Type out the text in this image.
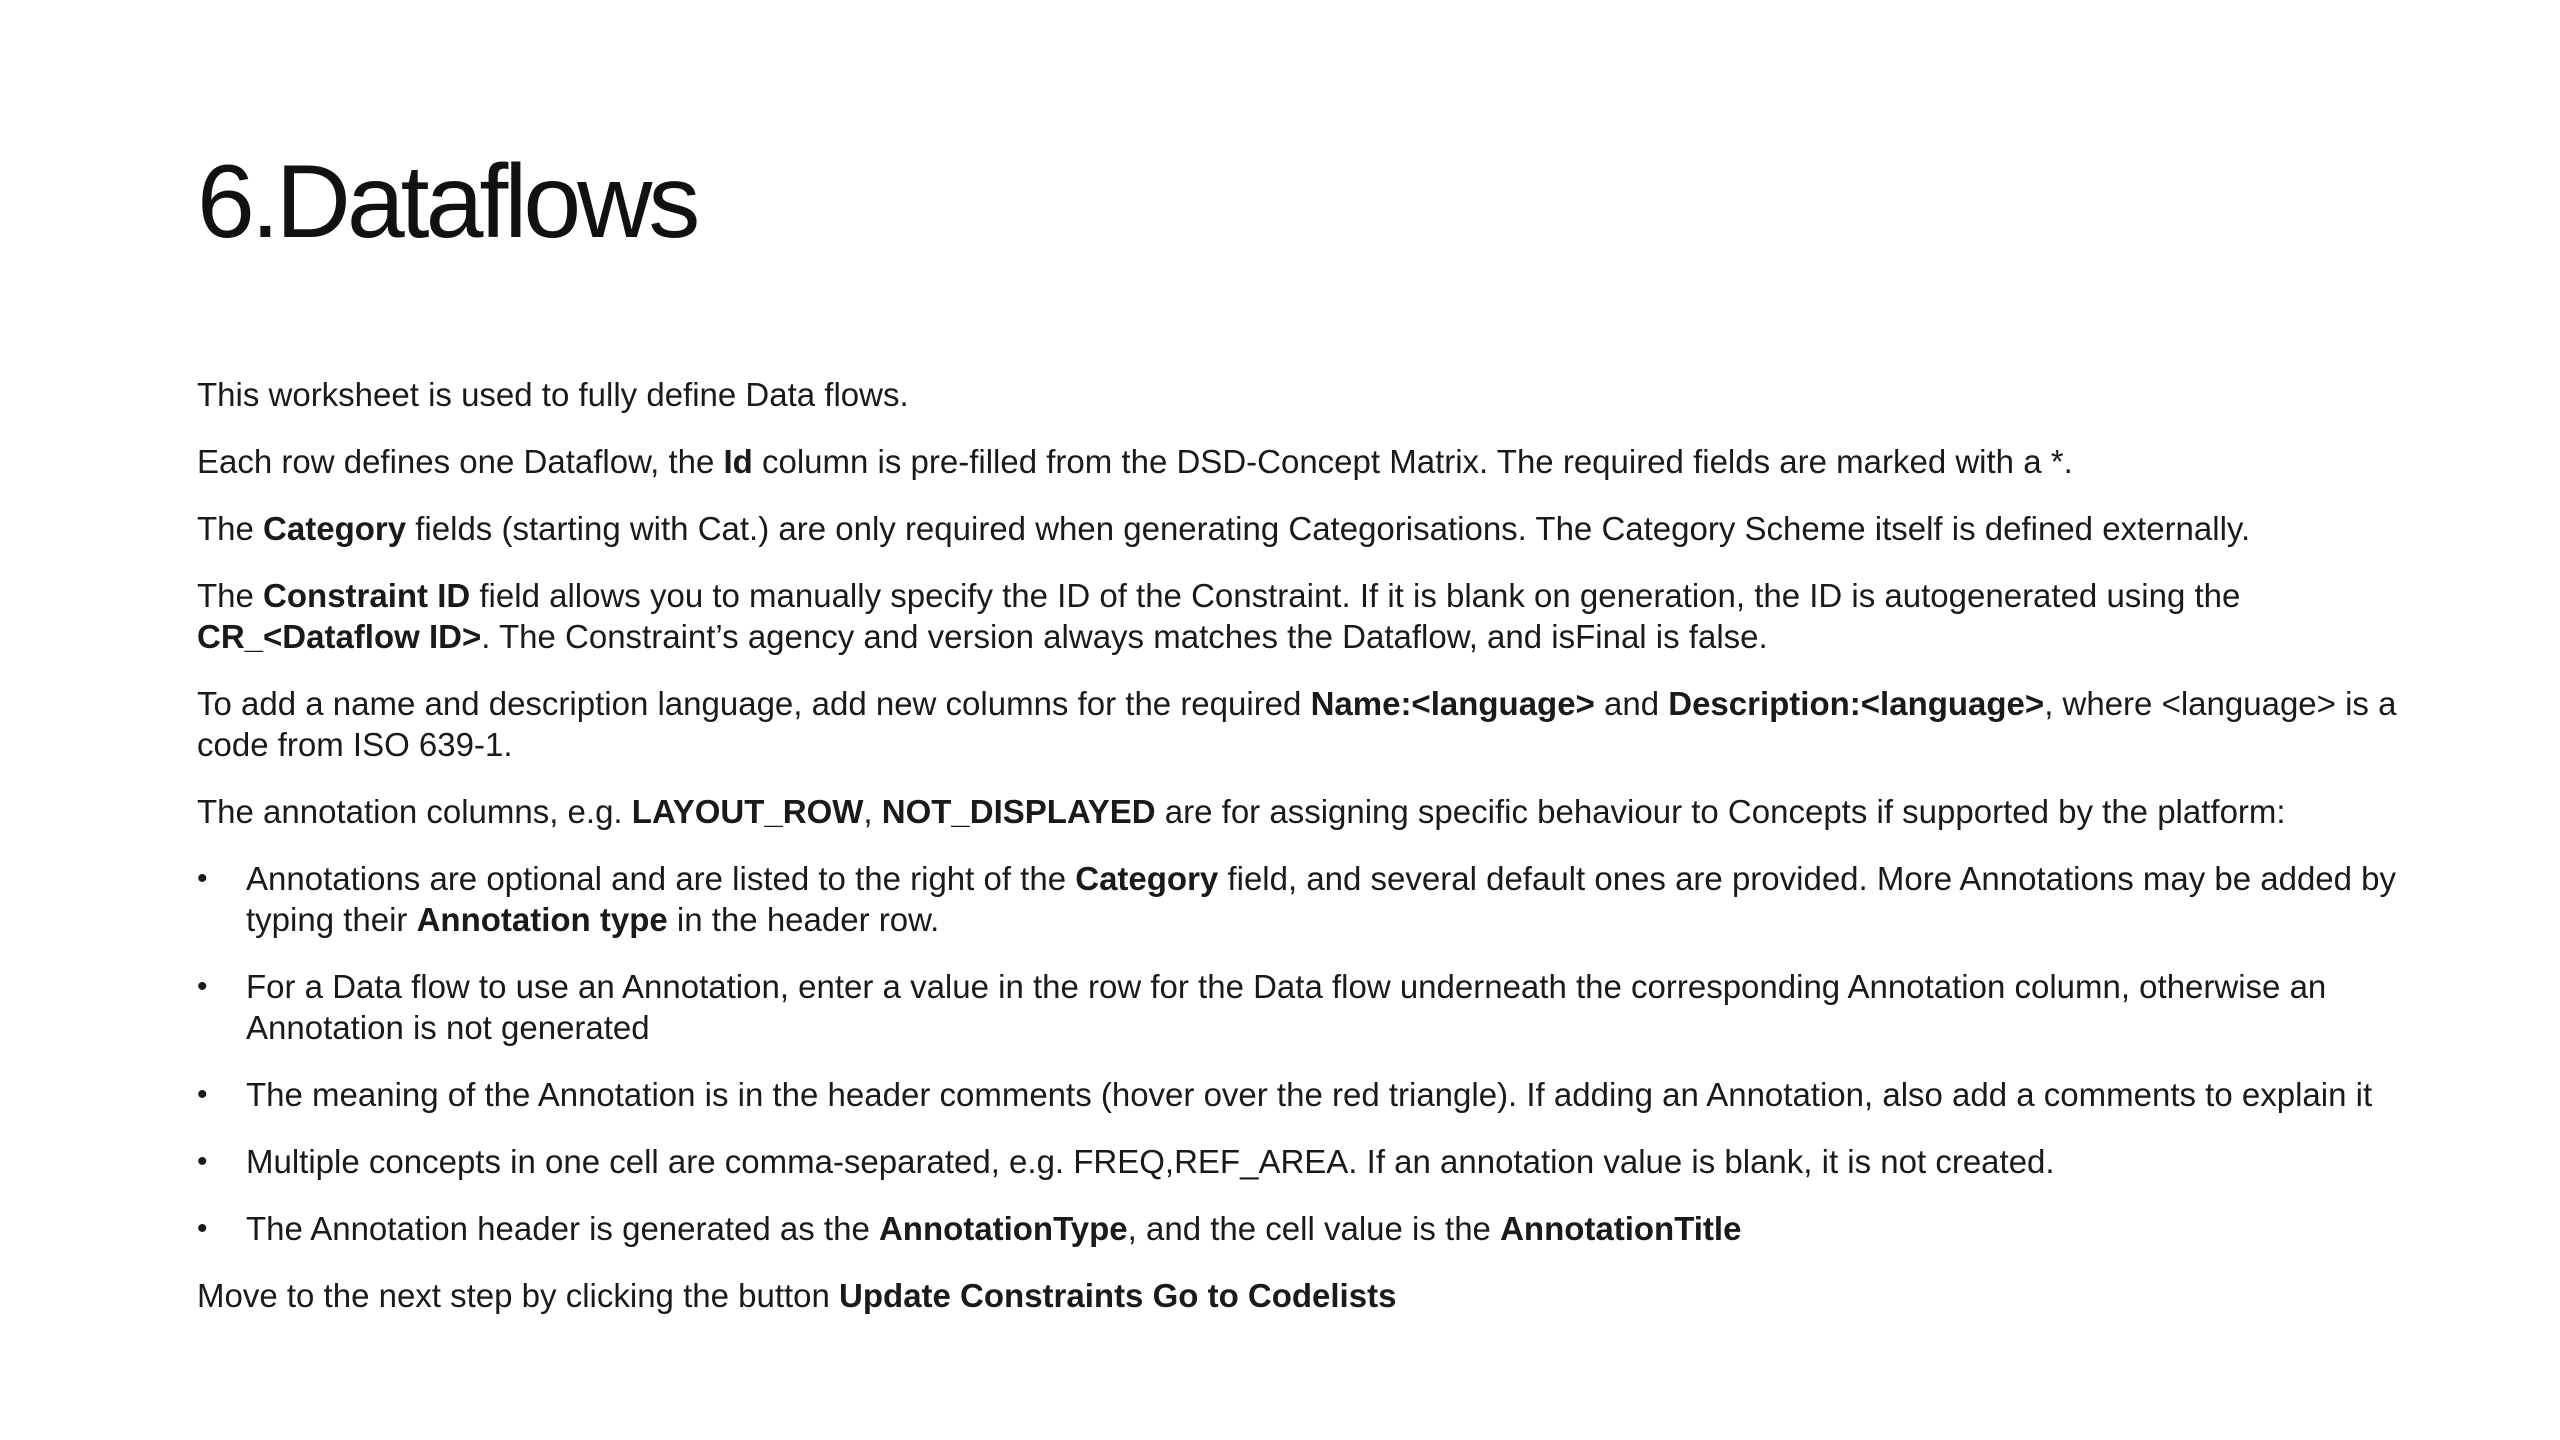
6.Dataflows

This worksheet is used to fully define Data flows.

Each row defines one Dataflow, the Id column is pre-filled from the DSD-Concept Matrix. The required fields are marked with a *.

The Category fields (starting with Cat.) are only required when generating Categorisations. The Category Scheme itself is defined externally.

The Constraint ID field allows you to manually specify the ID of the Constraint. If it is blank on generation, the ID is autogenerated using the CR_<Dataflow ID>. The Constraint’s agency and version always matches the Dataflow, and isFinal is false.

To add a name and description language, add new columns for the required Name:<language> and Description:<language>, where <language> is a code from ISO 639-1.

The annotation columns, e.g. LAYOUT_ROW, NOT_DISPLAYED are for assigning specific behaviour to Concepts if supported by the platform:

• Annotations are optional and are listed to the right of the Category field, and several default ones are provided. More Annotations may be added by typing their Annotation type in the header row.
• For a Data flow to use an Annotation, enter a value in the row for the Data flow underneath the corresponding Annotation column, otherwise an Annotation is not generated
• The meaning of the Annotation is in the header comments (hover over the red triangle). If adding an Annotation, also add a comments to explain it
• Multiple concepts in one cell are comma-separated, e.g. FREQ,REF_AREA. If an annotation value is blank, it is not created.
• The Annotation header is generated as the AnnotationType, and the cell value is the AnnotationTitle

Move to the next step by clicking the button Update Constraints Go to Codelists
